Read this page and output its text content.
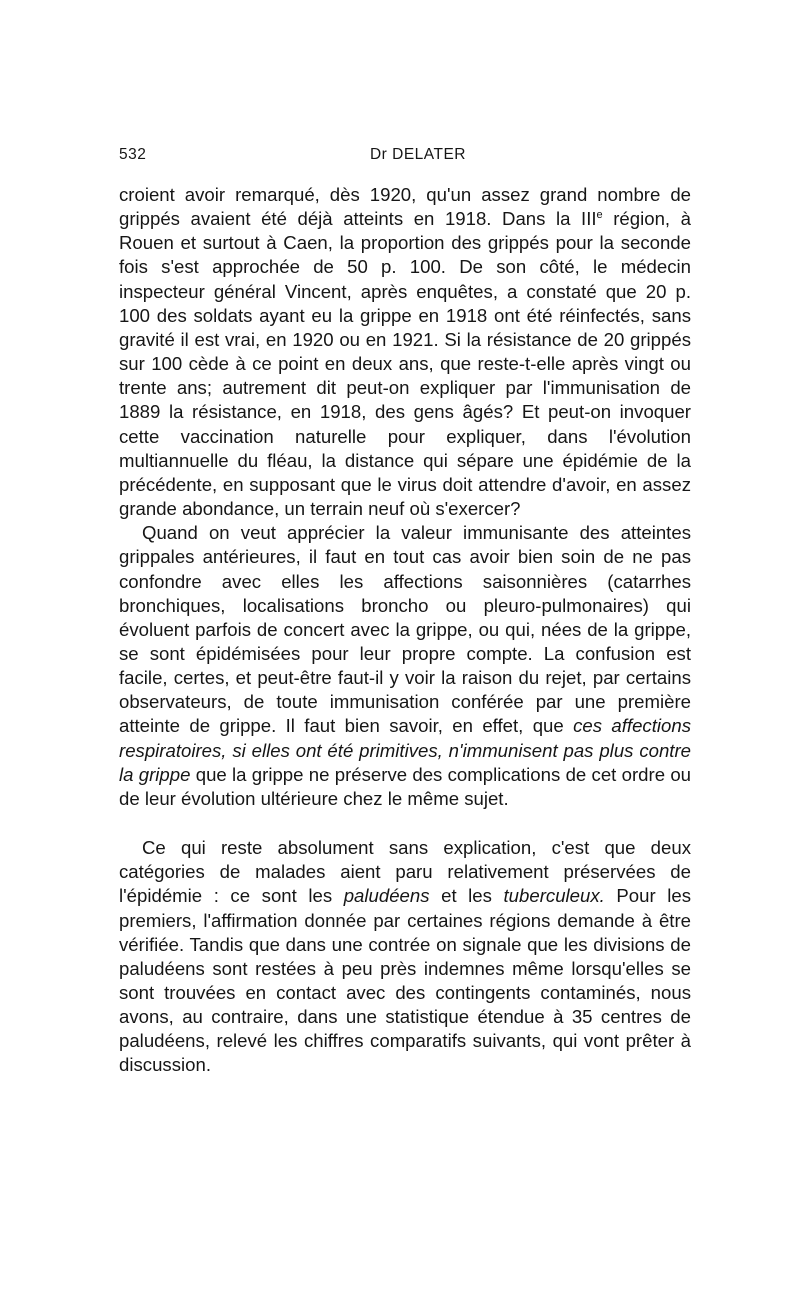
532	Dr DELATER

croient avoir remarqué, dès 1920, qu'un assez grand nombre de grippés avaient été déjà atteints en 1918. Dans la IIIe région, à Rouen et surtout à Caen, la proportion des grippés pour la seconde fois s'est approchée de 50 p. 100. De son côté, le médecin inspecteur général Vincent, après enquêtes, a constaté que 20 p. 100 des soldats ayant eu la grippe en 1918 ont été réinfectés, sans gravité il est vrai, en 1920 ou en 1921. Si la résistance de 20 grippés sur 100 cède à ce point en deux ans, que reste-t-elle après vingt ou trente ans; autrement dit peut-on expliquer par l'immunisation de 1889 la résistance, en 1918, des gens âgés? Et peut-on invoquer cette vaccination naturelle pour expliquer, dans l'évolution multiannuelle du fléau, la distance qui sépare une épidémie de la précédente, en supposant que le virus doit attendre d'avoir, en assez grande abondance, un terrain neuf où s'exercer?

Quand on veut apprécier la valeur immunisante des atteintes grippales antérieures, il faut en tout cas avoir bien soin de ne pas confondre avec elles les affections saisonnières (catarrhes bronchiques, localisations broncho ou pleuro-pulmonaires) qui évoluent parfois de concert avec la grippe, ou qui, nées de la grippe, se sont épidémisées pour leur propre compte. La confusion est facile, certes, et peut-être faut-il y voir la raison du rejet, par certains observateurs, de toute immunisation conférée par une première atteinte de grippe. Il faut bien savoir, en effet, que ces affections respiratoires, si elles ont été primitives, n'immunisent pas plus contre la grippe que la grippe ne préserve des complications de cet ordre ou de leur évolution ultérieure chez le même sujet.

Ce qui reste absolument sans explication, c'est que deux catégories de malades aient paru relativement préservées de l'épidémie : ce sont les paludéens et les tuberculeux. Pour les premiers, l'affirmation donnée par certaines régions demande à être vérifiée. Tandis que dans une contrée on signale que les divisions de paludéens sont restées à peu près indemnes même lorsqu'elles se sont trouvées en contact avec des contingents contaminés, nous avons, au contraire, dans une statistique étendue à 35 centres de paludéens, relevé les chiffres comparatifs suivants, qui vont prêter à discussion.
